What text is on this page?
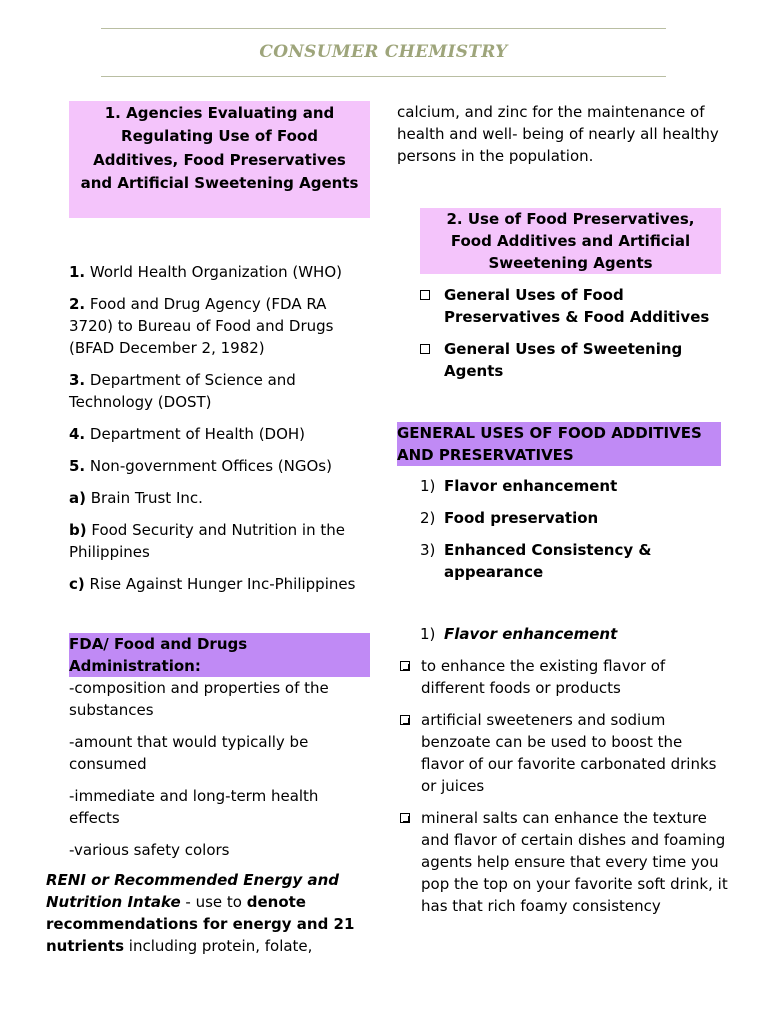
CONSUMER CHEMISTRY
1. Agencies Evaluating and Regulating Use of Food Additives, Food Preservatives and Artificial Sweetening Agents

1. World Health Organization (WHO)

2. Food and Drug Agency (FDA RA 3720) to Bureau of Food and Drugs (BFAD December 2, 1982)

3. Department of Science and Technology (DOST)

4. Department of Health (DOH)

5. Non-government Offices (NGOs)

a) Brain Trust Inc.

b) Food Security and Nutrition in the Philippines

c) Rise Against Hunger Inc-Philippines

FDA/ Food and Drugs Administration:

-composition and properties of the substances

-amount that would typically be consumed

-immediate and long-term health effects

-various safety colors

RENI or Recommended Energy and Nutrition Intake - use to denote recommendations for energy and 21 nutrients including protein, folate,
calcium, and zinc for the maintenance of health and well- being of nearly all healthy persons in the population.
2. Use of Food Preservatives, Food Additives and Artificial Sweetening Agents
General Uses of Food Preservatives & Food Additives
General Uses of Sweetening Agents
GENERAL USES OF FOOD ADDITIVES AND PRESERVATIVES
1) Flavor enhancement
2) Food preservation
3) Enhanced Consistency & appearance
1) Flavor enhancement
to enhance the existing flavor of different foods or products
artificial sweeteners and sodium benzoate can be used to boost the flavor of our favorite carbonated drinks or juices
mineral salts can enhance the texture and flavor of certain dishes and foaming agents help ensure that every time you pop the top on your favorite soft drink, it has that rich foamy consistency
